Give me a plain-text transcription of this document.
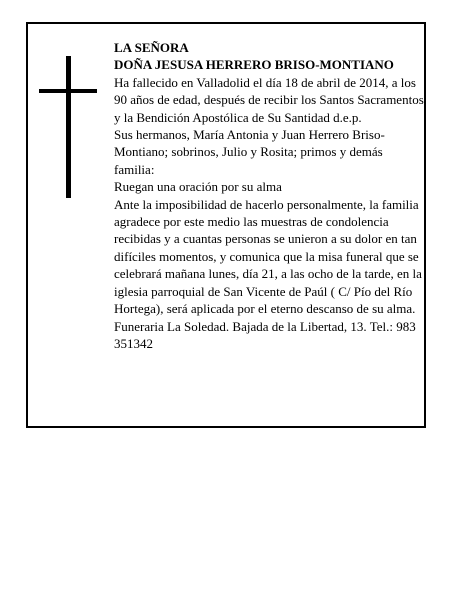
LA SEÑORA

DOÑA JESUSA HERRERO BRISO-MONTIANO

Ha fallecido en Valladolid el día 18 de abril de 2014, a los 90 años de edad, después de recibir los Santos Sacramentos y la Bendición Apostólica de Su Santidad d.e.p.

Sus hermanos, María Antonia y Juan Herrero Briso-Montiano; sobrinos, Julio y Rosita; primos y demás familia:

Ruegan una oración por su alma

Ante la imposibilidad de hacerlo personalmente, la familia agradece por este medio las muestras de condolencia recibidas y a cuantas personas se unieron a su dolor en tan difíciles momentos, y comunica que la misa funeral que se celebrará mañana lunes, día 21, a las ocho de la tarde, en la iglesia parroquial de San Vicente de Paúl ( C/ Pío del Río Hortega), será aplicada por el eterno descanso de su alma.

Funeraria La Soledad. Bajada de la Libertad, 13. Tel.: 983 351342
